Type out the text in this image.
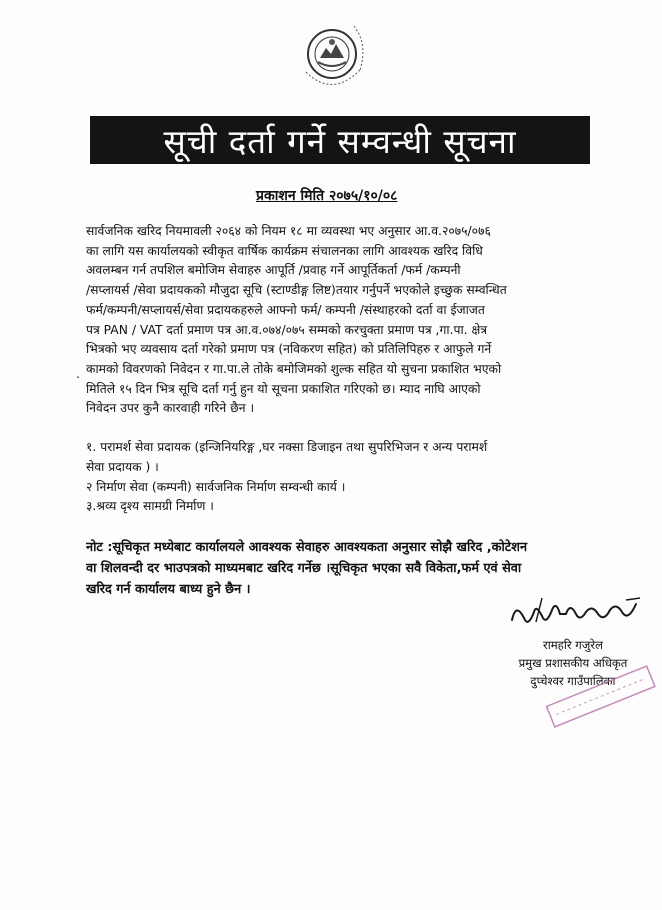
सूची दर्ता गर्ने सम्वन्धी सूचना
प्रकाशन मिति २०७५/१०/०८
सार्वजनिक खरिद नियमावली २०६४ को नियम १८ मा व्यवस्था भए अनुसार आ.व.२०७५/०७६
का लागि यस कार्यालयको स्वीकृत वार्षिक कार्यक्रम संचालनका लागि आवश्यक खरिद विधि
अवलम्बन गर्न तपशिल बमोजिम सेवाहरु आपूर्ति /प्रवाह गर्ने आपूर्तिकर्ता /फर्म /कम्पनी
/सप्लायर्स /सेवा प्रदायकको मौजुदा सूचि (स्टाण्डीङ्ग लिष्ट)तयार गर्नुपर्ने भएकोले इच्छुक सम्वन्धित
फर्म/कम्पनी/सप्लायर्स/सेवा प्रदायकहरुले आफ्नो फर्म/ कम्पनी /संस्थाहरको दर्ता वा ईजाजत
पत्र PAN / VAT दर्ता प्रमाण पत्र आ.व.०७४/०७५ सम्मको करचुक्ता प्रमाण पत्र ,गा.पा. क्षेत्र
भित्रको भए व्यवसाय दर्ता गरेको प्रमाण पत्र (नविकरण सहित) को प्रतिलिपिहरु र आफुले गर्ने
कामको विवरणको निवेदन र गा.पा.ले तोके बमोजिमको शुल्क सहित यो सुचना प्रकाशित भएको
मितिले १५ दिन भित्र सूचि दर्ता गर्नु हुन यो सूचना प्रकाशित गरिएको छ। म्याद नाघि आएको
निवेदन उपर कुनै कारवाही गरिने छैन ।
.
१. परामर्श सेवा प्रदायक (इन्जिनियरिङ्ग ,घर नक्सा डिजाइन तथा सुपरिभिजन र अन्य परामर्श
सेवा प्रदायक ) ।
२ निर्माण सेवा (कम्पनी) सार्वजनिक निर्माण सम्वन्धी कार्य ।
३.श्रव्य दृश्य सामग्री निर्माण ।
नोट :सूचिकृत मध्येबाट कार्यालयले आवश्यक सेवाहरु आवश्यकता अनुसार सोझै खरिद ,कोटेशन
वा शिलवन्दी दर भाउपत्रको माध्यमबाट खरिद गर्नेछ ।सूचिकृत भएका सवै विकेता,फर्म एवं सेवा
खरिद गर्न कार्यालय बाध्य हुने छैन ।
रामहरि गजुरेल
प्रमुख प्रशासकीय अधिकृत
दुप्चेश्वर गाउँपालिका
